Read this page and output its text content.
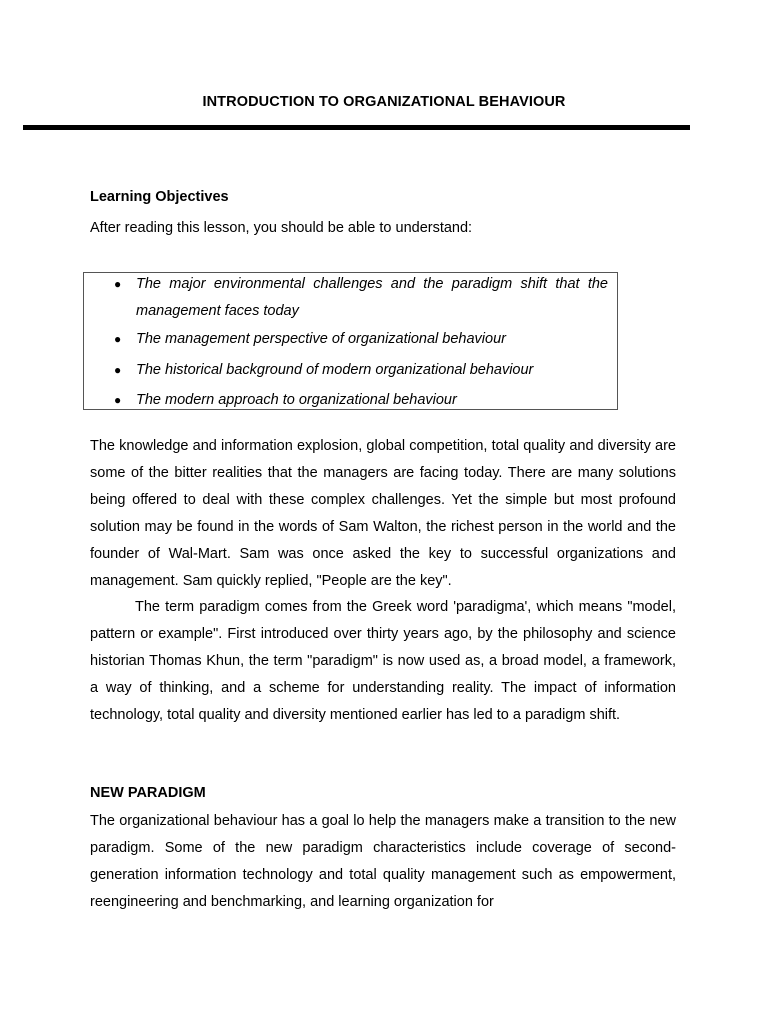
INTRODUCTION TO ORGANIZATIONAL BEHAVIOUR
Learning Objectives
After reading this lesson, you should be able to understand:
● The major environmental challenges and the paradigm shift that the management faces today
● The management perspective of organizational behaviour
● The historical background of modern organizational behaviour
● The modern approach to organizational behaviour

The knowledge and information explosion, global competition, total quality and diversity are some of the bitter realities that the managers are facing today. There are many solutions being offered to deal with these complex challenges. Yet the simple but most profound solution may be found in the words of Sam Walton, the richest person in the world and the founder of Wal-Mart. Sam was once asked the key to successful organizations and management. Sam quickly replied, "People are the key".

The term paradigm comes from the Greek word 'paradigma', which means "model, pattern or example". First introduced over thirty years ago, by the philosophy and science historian Thomas Khun, the term "paradigm" is now used as, a broad model, a framework, a way of thinking, and a scheme for understanding reality. The impact of information technology, total quality and diversity mentioned earlier has led to a paradigm shift.

NEW PARADIGM

The organizational behaviour has a goal lo help the managers make a transition to the new paradigm. Some of the new paradigm characteristics include coverage of second-generation information technology and total quality management such as empowerment, reengineering and benchmarking, and learning organization for
